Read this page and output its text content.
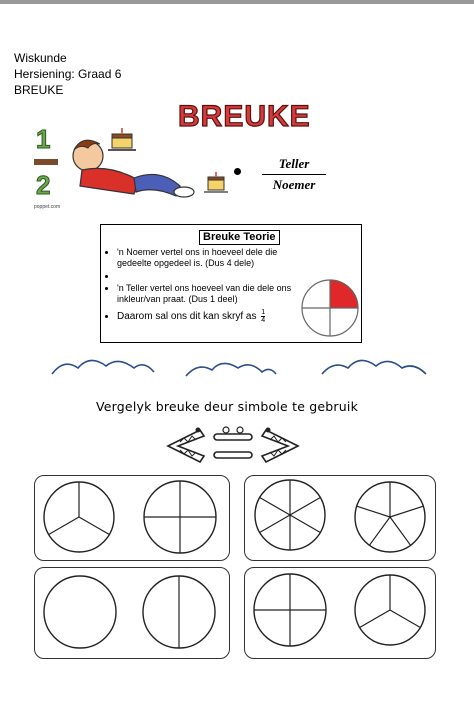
Wiskunde
Hersiening: Graad 6
BREUKE
BREUKE
1
2
poppet.com
Teller
Noemer
Breuke Teorie
• 'n Noemer vertel ons in hoeveel dele die gedeelte opgedeel is. (Dus 4 dele)
•
• 'n Teller vertel ons hoeveel van die dele ons inkleur/van praat. (Dus 1 deel)
• Daarom sal ons dit kan skryf as $\frac{1}{4}$
Vergelyk breuke deur simbole te gebruik
